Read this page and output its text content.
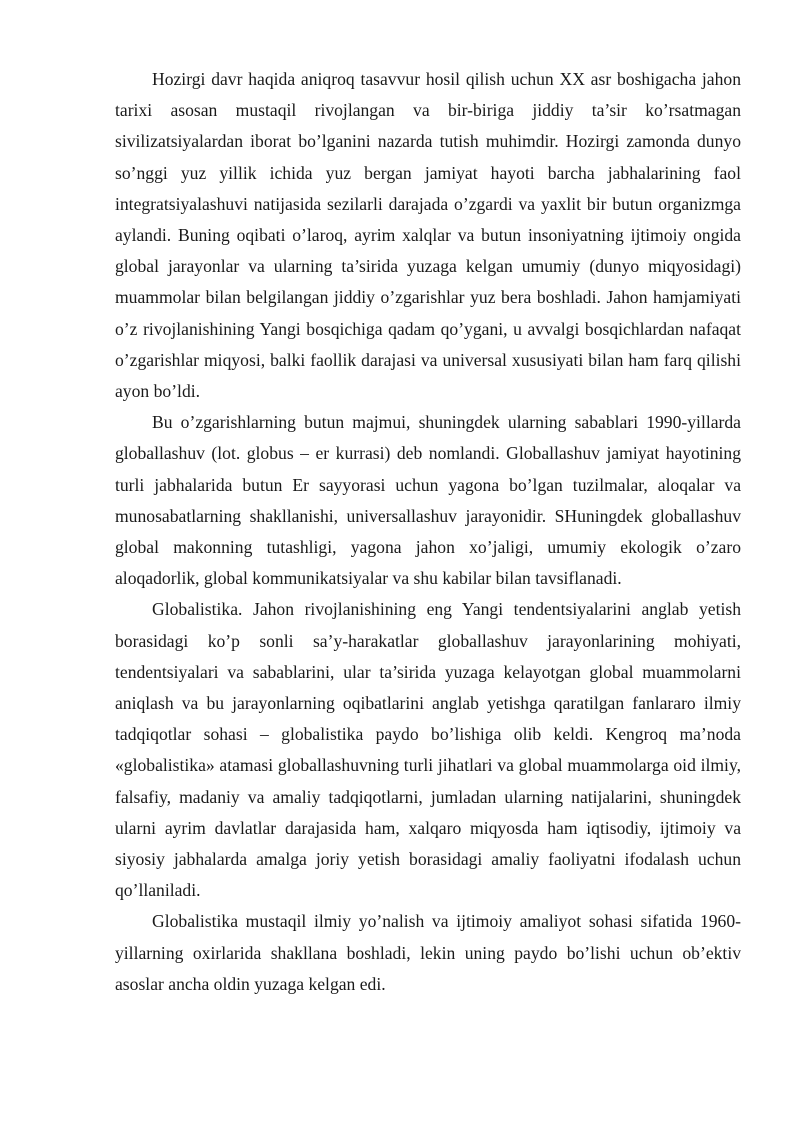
Hozirgi davr haqida aniqroq tasavvur hosil qilish uchun XX asr boshigacha jahon tarixi asosan mustaqil rivojlangan va bir-biriga jiddiy ta’sir ko’rsatmagan sivilizatsiyalardan iborat bo’lganini nazarda tutish muhimdir. Hozirgi zamonda dunyo so’nggi yuz yillik ichida yuz bergan jamiyat hayoti barcha jabhalarining faol integratsiyalashuvi natijasida sezilarli darajada o’zgardi va yaxlit bir butun organizmga aylandi. Buning oqibati o’laroq, ayrim xalqlar va butun insoniyatning ijtimoiy ongida global jarayonlar va ularning ta’sirida yuzaga kelgan umumiy (dunyo miqyosidagi) muammolar bilan belgilangan jiddiy o’zgarishlar yuz bera boshladi. Jahon hamjamiyati o’z rivojlanishining Yangi bosqichiga qadam qo’ygani, u avvalgi bosqichlardan nafaqat o’zgarishlar miqyosi, balki faollik darajasi va universal xususiyati bilan ham farq qilishi ayon bo’ldi.

Bu o’zgarishlarning butun majmui, shuningdek ularning sabablari 1990-yillarda globallashuv (lot. globus – er kurrasi) deb nomlandi. Globallashuv jamiyat hayotining turli jabhalarida butun Er sayyorasi uchun yagona bo’lgan tuzilmalar, aloqalar va munosabatlarning shakllanishi, universallashuv jarayonidir. SHuningdek globallashuv global makonning tutashligi, yagona jahon xo’jaligi, umumiy ekologik o’zaro aloqadorlik, global kommunikatsiyalar va shu kabilar bilan tavsiflanadi.

Globalistika. Jahon rivojlanishining eng Yangi tendentsiyalarini anglab yetish borasidagi ko’p sonli sa’y-harakatlar globallashuv jarayonlarining mohiyati, tendentsiyalari va sabablarini, ular ta’sirida yuzaga kelayotgan global muammolarni aniqlash va bu jarayonlarning oqibatlarini anglab yetishga qaratilgan fanlararo ilmiy tadqiqotlar sohasi – globalistika paydo bo’lishiga olib keldi. Kengroq ma’noda «globalistika» atamasi globallashuvning turli jihatlari va global muammolarga oid ilmiy, falsafiy, madaniy va amaliy tadqiqotlarni, jumladan ularning natijalarini, shuningdek ularni ayrim davlatlar darajasida ham, xalqaro miqyosda ham iqtisodiy, ijtimoiy va siyosiy jabhalarda amalga joriy yetish borasidagi amaliy faoliyatni ifodalash uchun qo’llaniladi.

Globalistika mustaqil ilmiy yo’nalish va ijtimoiy amaliyot sohasi sifatida 1960-yillarning oxirlarida shakllana boshladi, lekin uning paydo bo’lishi uchun ob’ektiv asoslar ancha oldin yuzaga kelgan edi.
